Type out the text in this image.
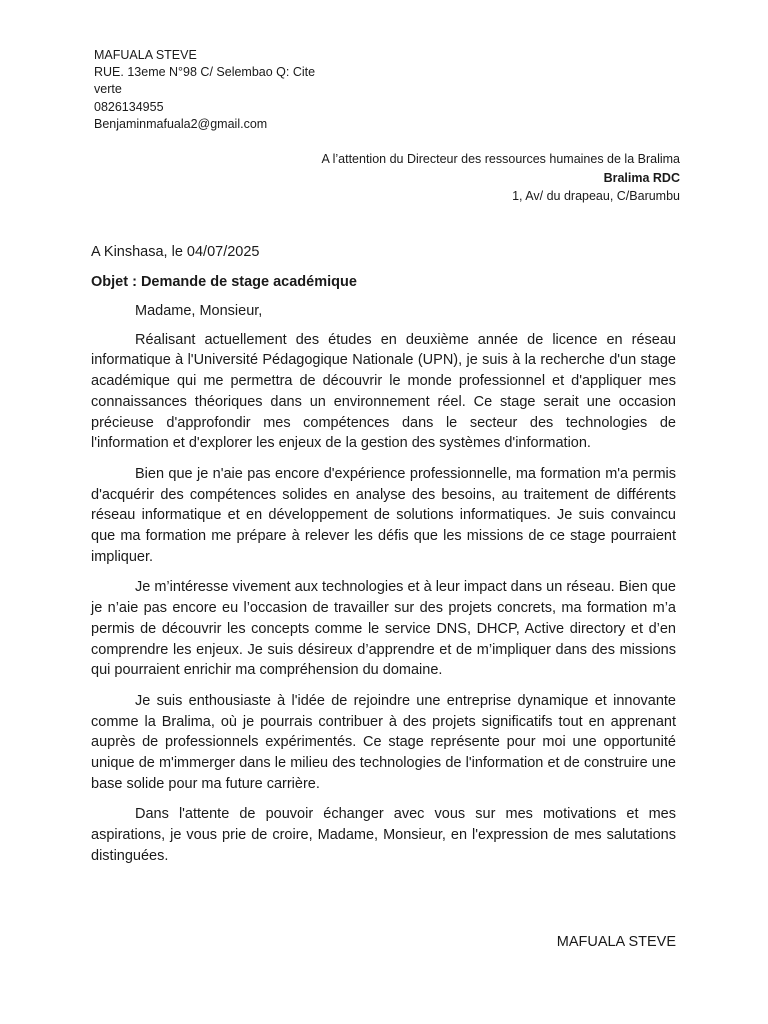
MAFUALA STEVE
RUE. 13eme N°98 C/ Selembao Q: Cite
verte
0826134955
Benjaminmafuala2@gmail.com
A l’attention du Directeur des ressources humaines de la Bralima
Bralima RDC
1, Av/ du drapeau, C/Barumbu
A Kinshasa, le 04/07/2025
Objet : Demande de stage académique

Madame, Monsieur,

Réalisant actuellement des études en deuxième année de licence en réseau informatique à l'Université Pédagogique Nationale (UPN), je suis à la recherche d'un stage académique qui me permettra de découvrir le monde professionnel et d'appliquer mes connaissances théoriques dans un environnement réel. Ce stage serait une occasion précieuse d'approfondir mes compétences dans le secteur des technologies de l'information et d'explorer les enjeux de la gestion des systèmes d'information.

Bien que je n'aie pas encore d'expérience professionnelle, ma formation m'a permis d'acquérir des compétences solides en analyse des besoins, au traitement de différents réseau informatique et en développement de solutions informatiques. Je suis convaincu que ma formation me prépare à relever les défis que les missions de ce stage pourraient impliquer.

Je m’intéresse vivement aux technologies et à leur impact dans un réseau. Bien que je n’aie pas encore eu l’occasion de travailler sur des projets concrets, ma formation m’a permis de découvrir les concepts comme le service DNS, DHCP, Active directory et d’en comprendre les enjeux. Je suis désireux d’apprendre et de m’impliquer dans des missions qui pourraient enrichir ma compréhension du domaine.

Je suis enthousiaste à l'idée de rejoindre une entreprise dynamique et innovante comme la Bralima, où je pourrais contribuer à des projets significatifs tout en apprenant auprès de professionnels expérimentés. Ce stage représente pour moi une opportunité unique de m'immerger dans le milieu des technologies de l'information et de construire une base solide pour ma future carrière.

Dans l'attente de pouvoir échanger avec vous sur mes motivations et mes aspirations, je vous prie de croire, Madame, Monsieur, en l'expression de mes salutations distinguées.

MAFUALA STEVE
